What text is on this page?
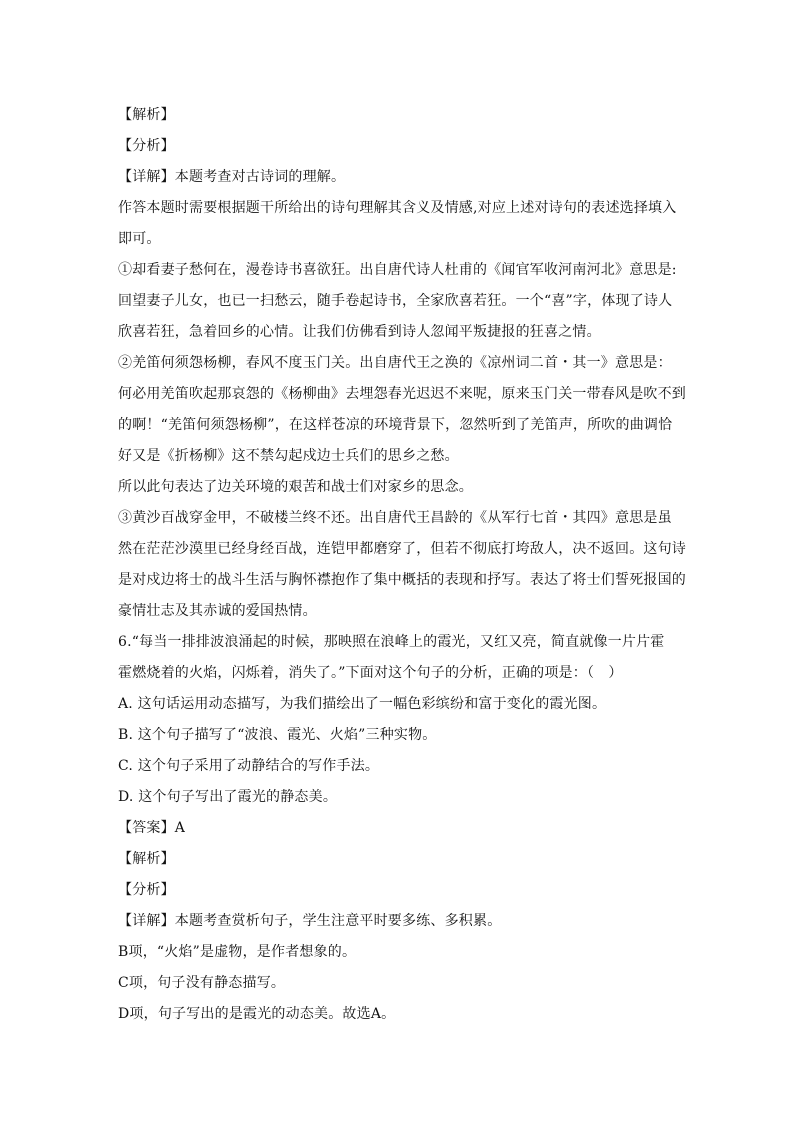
【解析】
【分析】
【详解】本题考查对古诗词的理解。
作答本题时需要根据题干所给出的诗句理解其含义及情感,对应上述对诗句的表述选择填入
即可。
①却看妻子愁何在，漫卷诗书喜欲狂。出自唐代诗人杜甫的《闻官军收河南河北》意思是:
回望妻子儿女，也已一扫愁云，随手卷起诗书，全家欣喜若狂。一个“喜”字，体现了诗人
欣喜若狂，急着回乡的心情。让我们仿佛看到诗人忽闻平叛捷报的狂喜之情。
②羌笛何须怨杨柳，春风不度玉门关。出自唐代王之涣的《凉州词二首・其一》意思是：
何必用羌笛吹起那哀怨的《杨柳曲》去埋怨春光迟迟不来呢，原来玉门关一带春风是吹不到
的啊！“羌笛何须怨杨柳”，在这样苍凉的环境背景下，忽然听到了羌笛声，所吹的曲调恰
好又是《折杨柳》这不禁勾起戍边士兵们的思乡之愁。
所以此句表达了边关环境的艰苦和战士们对家乡的思念。
③黄沙百战穿金甲，不破楼兰终不还。出自唐代王昌龄的《从军行七首・其四》意思是虽
然在茫茫沙漠里已经身经百战，连铠甲都磨穿了，但若不彻底打垮敌人，决不返回。这句诗
是对戍边将士的战斗生活与胸怀襟抱作了集中概括的表现和抒写。表达了将士们誓死报国的
豪情壮志及其赤诚的爱国热情。
6.“每当一排排波浪涌起的时候，那映照在浪峰上的霞光，又红又亮，简直就像一片片霍
霍燃烧着的火焰，闪烁着，消失了。”下面对这个句子的分析，正确的项是：（　）
A. 这句话运用动态描写，为我们描绘出了一幅色彩缤纷和富于变化的霞光图。
B. 这个句子描写了“波浪、霞光、火焰”三种实物。
C. 这个句子采用了动静结合的写作手法。
D. 这个句子写出了霞光的静态美。
【答案】A
【解析】
【分析】
【详解】本题考查赏析句子，学生注意平时要多练、多积累。
B项，“火焰”是虚物，是作者想象的。
C项，句子没有静态描写。
D项，句子写出的是霞光的动态美。故选A。
